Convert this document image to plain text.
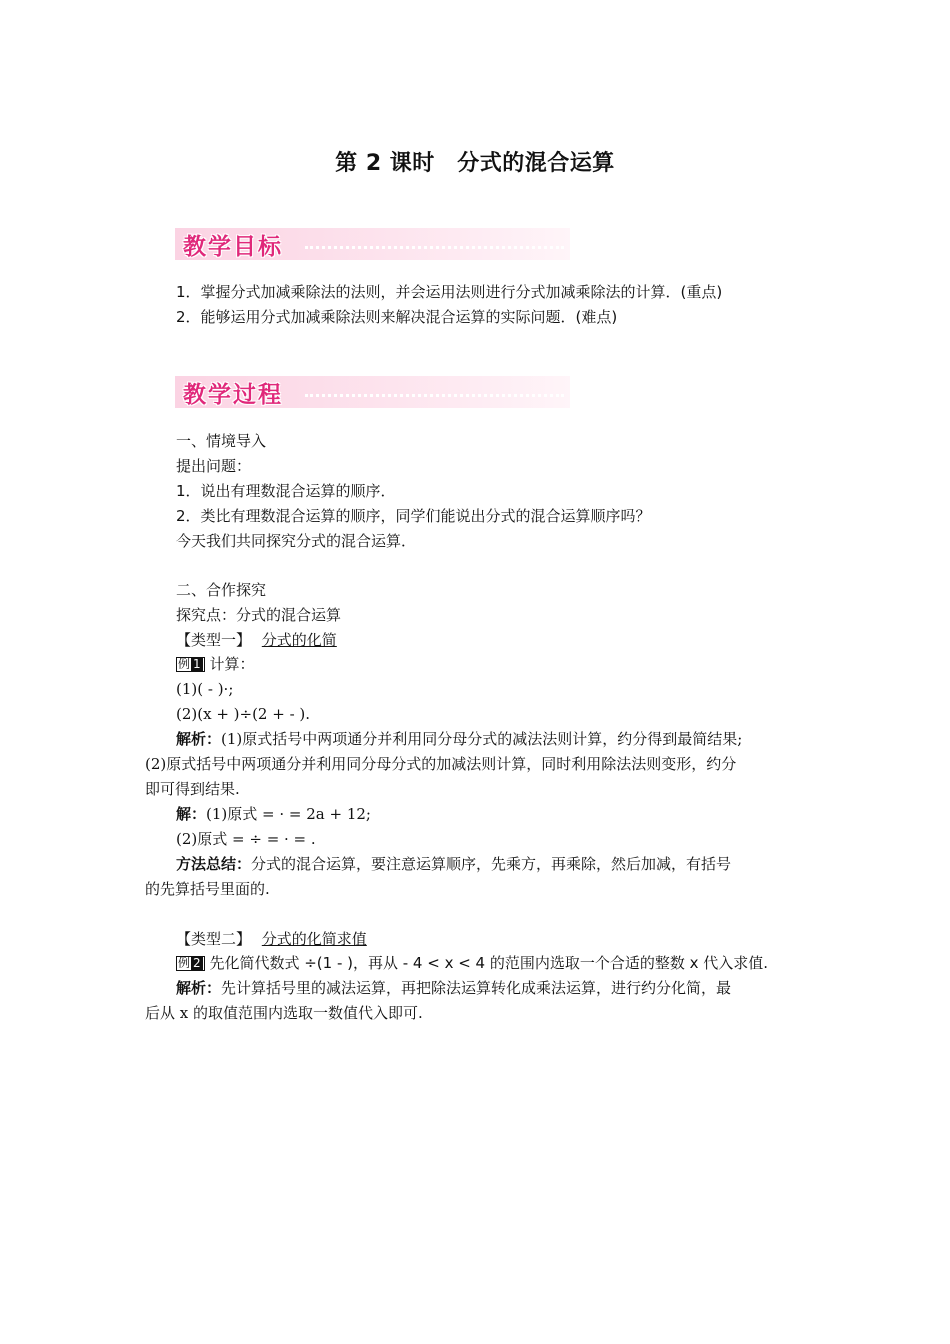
第 2 课时　分式的混合运算
教学目标
1．掌握分式加减乘除法的法则，并会运用法则进行分式加减乘除法的计算．(重点)
2．能够运用分式加减乘除法则来解决混合运算的实际问题．(难点)
教学过程
一、情境导入
提出问题：
1．说出有理数混合运算的顺序．
2．类比有理数混合运算的顺序，同学们能说出分式的混合运算顺序吗？
今天我们共同探究分式的混合运算．
二、合作探究
探究点：分式的混合运算
【类型一】 分式的化简
例 1 计算：
(1)( - )·;
(2)(x + )÷(2 + - ).
解析：(1)原式括号中两项通分并利用同分母分式的减法法则计算，约分得到最简结果;
(2)原式括号中两项通分并利用同分母分式的加减法则计算，同时利用除法法则变形，约分
即可得到结果.
解：(1)原式 = · = 2a + 12;
(2)原式 = ÷ = · = .
方法总结：分式的混合运算，要注意运算顺序，先乘方，再乘除，然后加减，有括号
的先算括号里面的.
【类型二】 分式的化简求值
例 2 先化简代数式 ÷(1 - )，再从 - 4 < x < 4 的范围内选取一个合适的整数 x 代入求值.
解析：先计算括号里的减法运算，再把除法运算转化成乘法运算，进行约分化简，最
后从 x 的取值范围内选取一数值代入即可.
